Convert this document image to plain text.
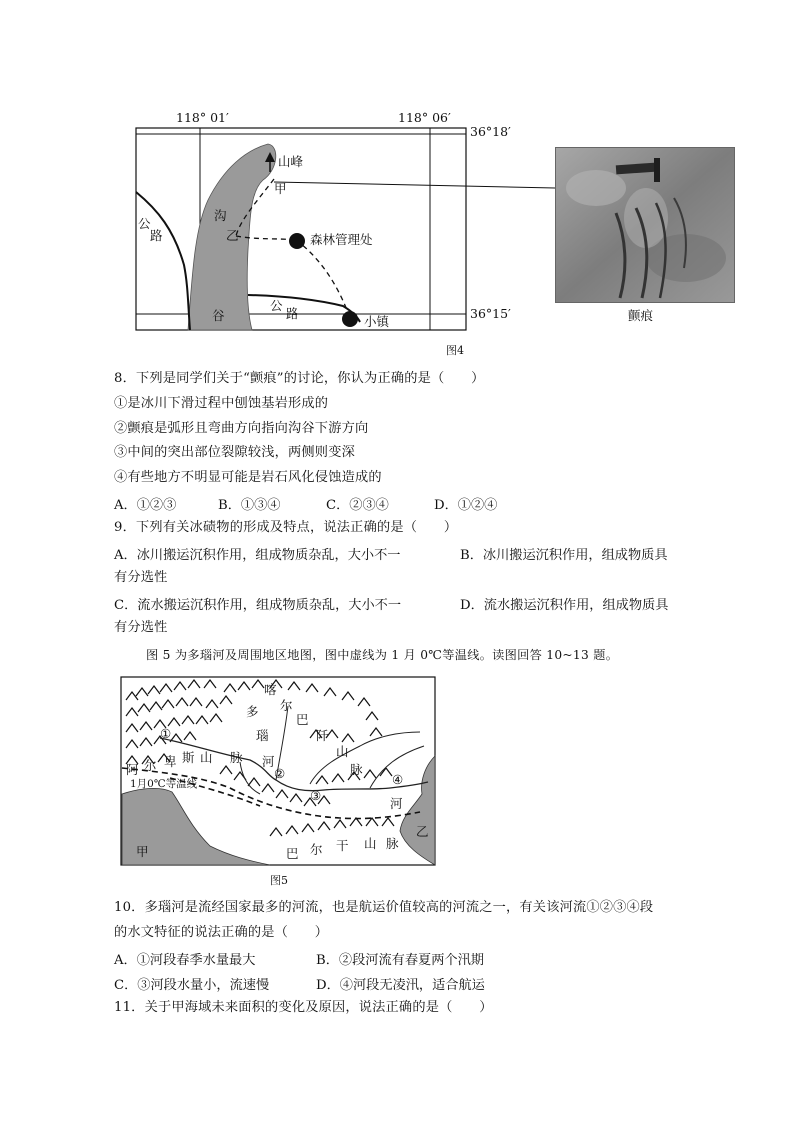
118° 01′	118° 06′
36°18′
36°15′
山峰
甲
乙
沟
谷
森林管理处
小镇
公
路
公
路	颤痕
图4
8．下列是同学们关于“颤痕”的讨论，你认为正确的是（　　）
①是冰川下滑过程中刨蚀基岩形成的
②颤痕是弧形且弯曲方向指向沟谷下游方向
③中间的突出部位裂隙较浅，两侧则变深
④有些地方不明显可能是岩石风化侵蚀造成的
A．①②③	B．①③④	C．②③④	D．①②④
9．下列有关冰碛物的形成及特点，说法正确的是（　　）
A．冰川搬运沉积作用，组成物质杂乱，大小不一	B．冰川搬运沉积作用，组成物质具
有分选性
C．流水搬运沉积作用，组成物质杂乱，大小不一	D．流水搬运沉积作用，组成物质具
有分选性
图 5 为多瑙河及周围地区地图，图中虚线为 1 月 0℃等温线。读图回答 10~13 题。
喀
尔
巴
阡
山
脉
多
瑙
河
河
阿 尔 卑 斯 山 脉
1月0℃等温线
巴 尔 干 山 脉
甲
乙
①
②
③
④
图5
10．多瑙河是流经国家最多的河流，也是航运价值较高的河流之一，有关该河流①②③④段
的水文特征的说法正确的是（　　）
A．①河段春季水量最大	B．②段河流有春夏两个汛期
C．③河段水量小，流速慢	D．④河段无凌汛，适合航运
11．关于甲海域未来面积的变化及原因，说法正确的是（　　）
